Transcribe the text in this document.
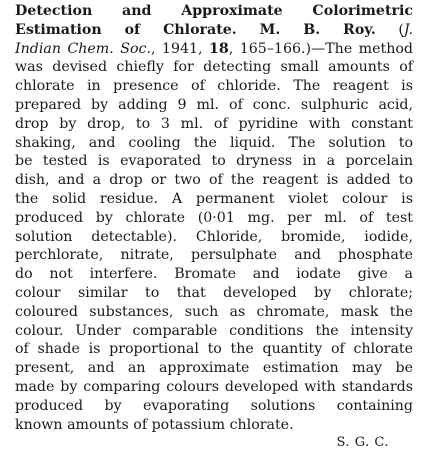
Detection and Approximate Colorimetric
Estimation of Chlorate. M. B. Roy. (J.
Indian Chem. Soc., 1941, 18, 165–166.)—The method
was devised chiefly for detecting small amounts of
chlorate in presence of chloride. The reagent is
prepared by adding 9 ml. of conc. sulphuric acid,
drop by drop, to 3 ml. of pyridine with constant
shaking, and cooling the liquid. The solution to
be tested is evaporated to dryness in a porcelain
dish, and a drop or two of the reagent is added to
the solid residue. A permanent violet colour is
produced by chlorate (0·01 mg. per ml. of test
solution detectable). Chloride, bromide, iodide,
perchlorate, nitrate, persulphate and phosphate
do not interfere. Bromate and iodate give a
colour similar to that developed by chlorate;
coloured substances, such as chromate, mask the
colour. Under comparable conditions the intensity
of shade is proportional to the quantity of chlorate
present, and an approximate estimation may be
made by comparing colours developed with standards
produced by evaporating solutions containing
known amounts of potassium chlorate.
S. G. C.
